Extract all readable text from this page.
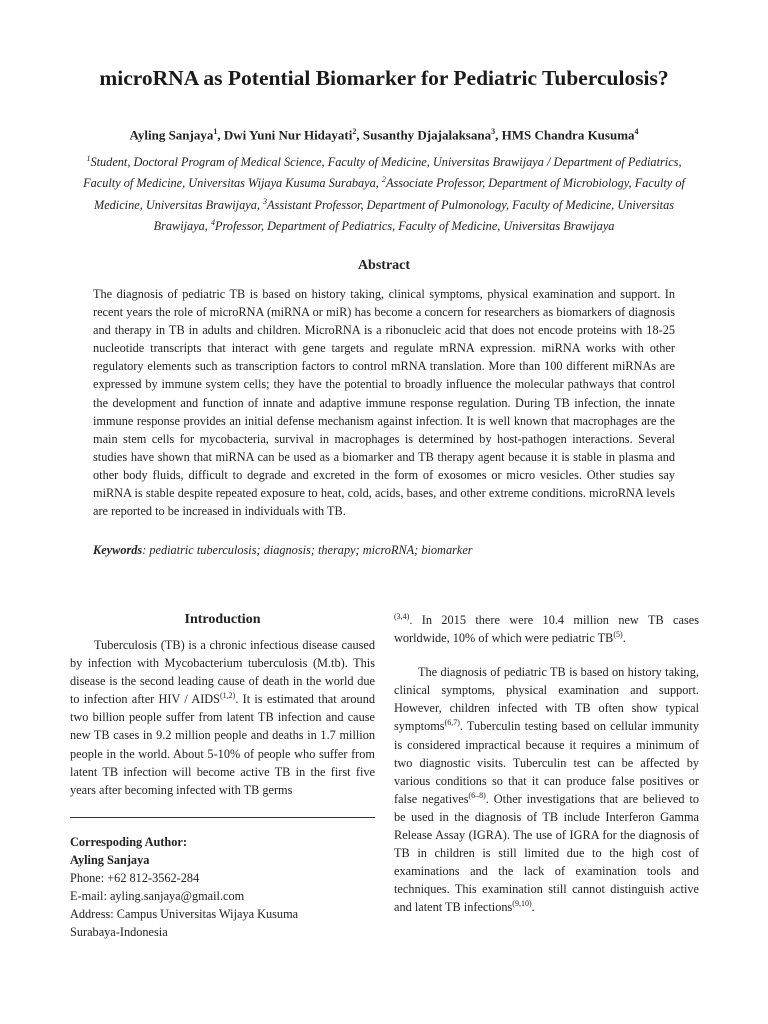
microRNA as Potential Biomarker for Pediatric Tuberculosis?
Ayling Sanjaya$^1$, Dwi Yuni Nur Hidayati$^2$, Susanthy Djajalaksana$^3$, HMS Chandra Kusuma$^4$
$^1$Student, Doctoral Program of Medical Science, Faculty of Medicine, Universitas Brawijaya / Department of Pediatrics, Faculty of Medicine, Universitas Wijaya Kusuma Surabaya, $^2$Associate Professor, Department of Microbiology, Faculty of Medicine, Universitas Brawijaya, $^3$Assistant Professor, Department of Pulmonology, Faculty of Medicine, Universitas Brawijaya, $^4$Professor, Department of Pediatrics, Faculty of Medicine, Universitas Brawijaya
Abstract
The diagnosis of pediatric TB is based on history taking, clinical symptoms, physical examination and support. In recent years the role of microRNA (miRNA or miR) has become a concern for researchers as biomarkers of diagnosis and therapy in TB in adults and children. MicroRNA is a ribonucleic acid that does not encode proteins with 18-25 nucleotide transcripts that interact with gene targets and regulate mRNA expression. miRNA works with other regulatory elements such as transcription factors to control mRNA translation. More than 100 different miRNAs are expressed by immune system cells; they have the potential to broadly influence the molecular pathways that control the development and function of innate and adaptive immune response regulation. During TB infection, the innate immune response provides an initial defense mechanism against infection. It is well known that macrophages are the main stem cells for mycobacteria, survival in macrophages is determined by host-pathogen interactions. Several studies have shown that miRNA can be used as a biomarker and TB therapy agent because it is stable in plasma and other body fluids, difficult to degrade and excreted in the form of exosomes or micro vesicles. Other studies say miRNA is stable despite repeated exposure to heat, cold, acids, bases, and other extreme conditions. microRNA levels are reported to be increased in individuals with TB.
Keywords: pediatric tuberculosis; diagnosis; therapy; microRNA; biomarker
Introduction
Tuberculosis (TB) is a chronic infectious disease caused by infection with Mycobacterium tuberculosis (M.tb). This disease is the second leading cause of death in the world due to infection after HIV / AIDS$^{(1,2)}$. It is estimated that around two billion people suffer from latent TB infection and cause new TB cases in 9.2 million people and deaths in 1.7 million people in the world. About 5-10% of people who suffer from latent TB infection will become active TB in the first five years after becoming infected with TB germs
Correspoding Author:
Ayling Sanjaya
Phone: +62 812-3562-284
E-mail: ayling.sanjaya@gmail.com
Address: Campus Universitas Wijaya Kusuma
Surabaya-Indonesia
$^{(3,4)}$. In 2015 there were 10.4 million new TB cases worldwide, 10% of which were pediatric TB$^{(5)}$.
The diagnosis of pediatric TB is based on history taking, clinical symptoms, physical examination and support. However, children infected with TB often show typical symptoms$^{(6,7)}$. Tuberculin testing based on cellular immunity is considered impractical because it requires a minimum of two diagnostic visits. Tuberculin test can be affected by various conditions so that it can produce false positives or false negatives$^{(6-8)}$. Other investigations that are believed to be used in the diagnosis of TB include Interferon Gamma Release Assay (IGRA). The use of IGRA for the diagnosis of TB in children is still limited due to the high cost of examinations and the lack of examination tools and techniques. This examination still cannot distinguish active and latent TB infections$^{(9,10)}$.
